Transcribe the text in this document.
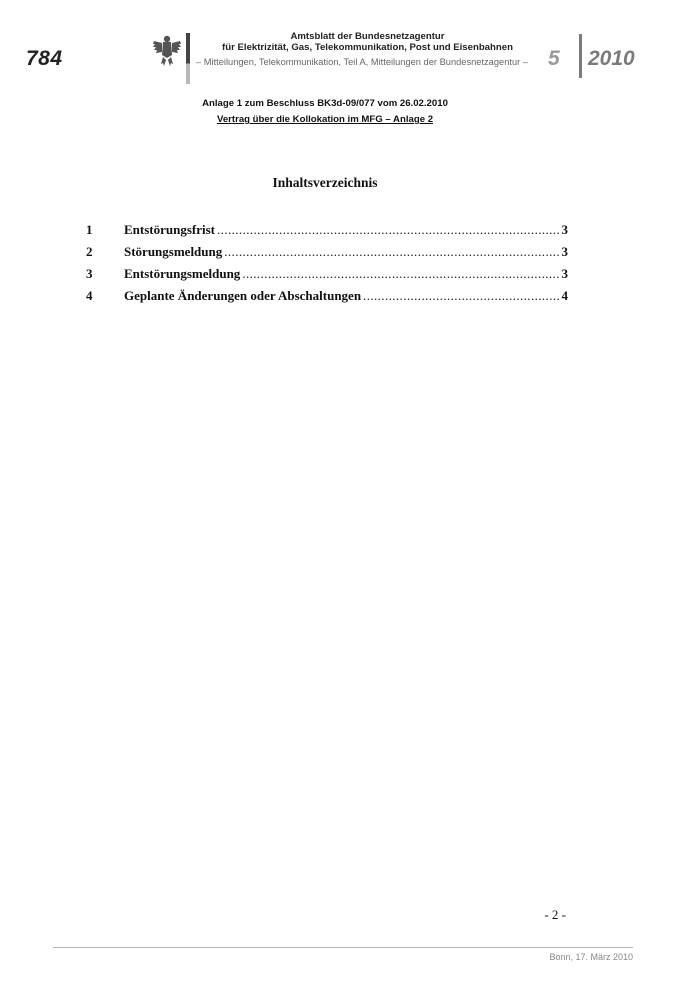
784
Amtsblatt der Bundesnetzagentur
für Elektrizität, Gas, Telekommunikation, Post und Eisenbahnen
– Mitteilungen, Telekommunikation, Teil A, Mitteilungen der Bundesnetzagentur – 5 2010
Anlage 1 zum Beschluss BK3d-09/077 vom 26.02.2010
Vertrag über die Kollokation im MFG – Anlage 2
Inhaltsverzeichnis
1	Entstörungsfrist .....	3
2	Störungsmeldung .....	3
3	Entstörungsmeldung .....	3
4	Geplante Änderungen oder Abschaltungen .....	4
- 2 -
Bonn, 17. März 2010
